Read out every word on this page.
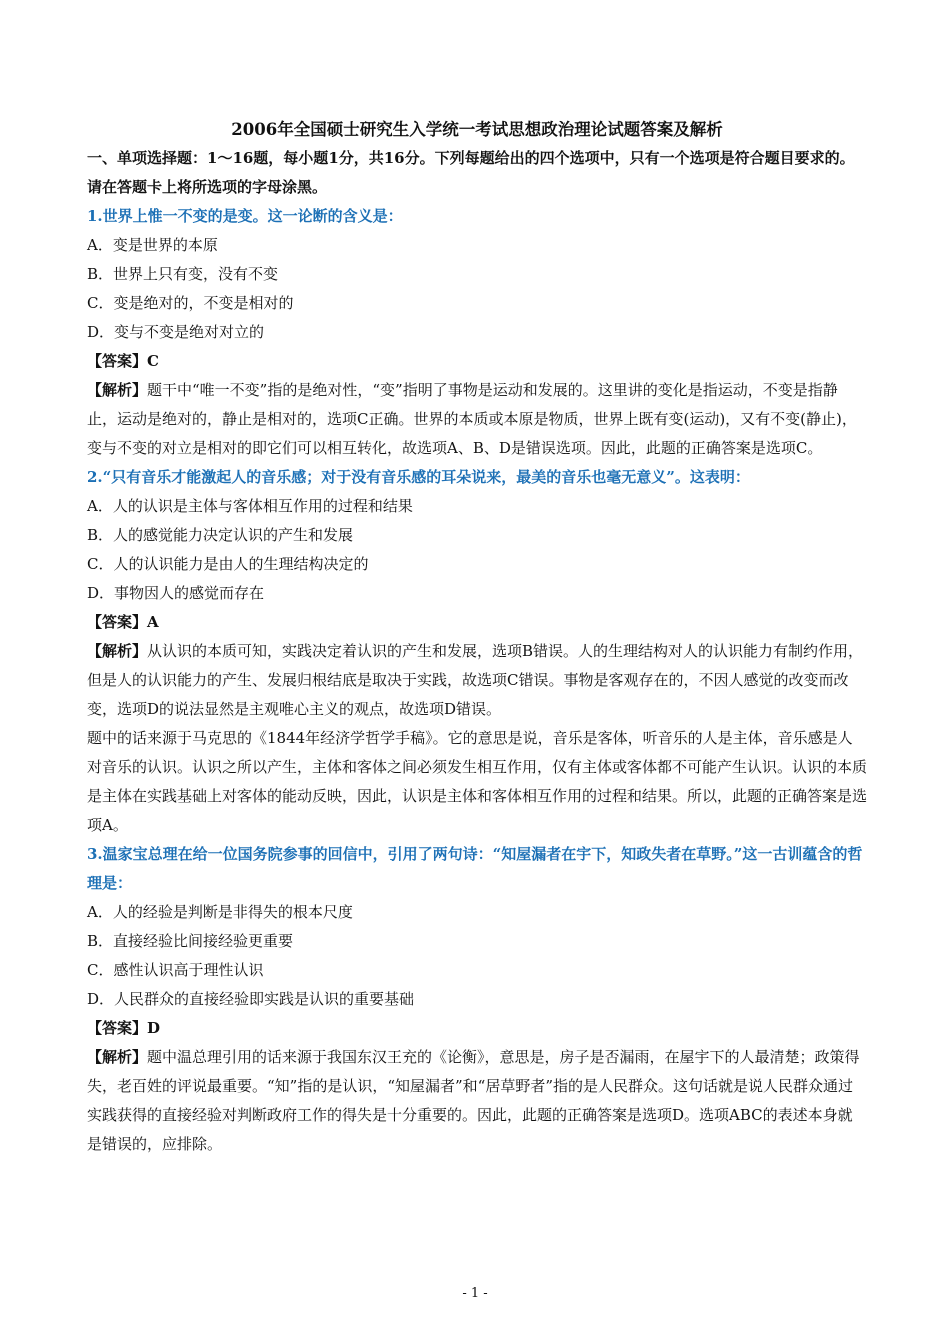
2006年全国硕士研究生入学统一考试思想政治理论试题答案及解析
一、单项选择题：1～16题，每小题1分，共16分。下列每题给出的四个选项中，只有一个选项是符合题目要求的。请在答题卡上将所选项的字母涂黑。
1.世界上惟一不变的是变。这一论断的含义是：
A．变是世界的本原
B．世界上只有变，没有不变
C．变是绝对的，不变是相对的
D．变与不变是绝对对立的
【答案】C
【解析】题干中“唯一不变”指的是绝对性，“变”指明了事物是运动和发展的。这里讲的变化是指运动，不变是指静止，运动是绝对的，静止是相对的，选项C正确。世界的本质或本原是物质，世界上既有变(运动)，又有不变(静止)，变与不变的对立是相对的即它们可以相互转化，故选项A、B、D是错误选项。因此，此题的正确答案是选项C。
2.“只有音乐才能激起人的音乐感；对于没有音乐感的耳朵说来，最美的音乐也毫无意义”。这表明：
A．人的认识是主体与客体相互作用的过程和结果
B．人的感觉能力决定认识的产生和发展
C．人的认识能力是由人的生理结构决定的
D．事物因人的感觉而存在
【答案】A
【解析】从认识的本质可知，实践决定着认识的产生和发展，选项B错误。人的生理结构对人的认识能力有制约作用，但是人的认识能力的产生、发展归根结底是取决于实践，故选项C错误。事物是客观存在的，不因人感觉的改变而改变，选项D的说法显然是主观唯心主义的观点，故选项D错误。
题中的话来源于马克思的《1844年经济学哲学手稿》。它的意思是说，音乐是客体，听音乐的人是主体，音乐感是人对音乐的认识。认识之所以产生，主体和客体之间必须发生相互作用，仅有主体或客体都不可能产生认识。认识的本质是主体在实践基础上对客体的能动反映，因此，认识是主体和客体相互作用的过程和结果。所以，此题的正确答案是选项A。
3.温家宝总理在给一位国务院参事的回信中，引用了两句诗：“知屋漏者在宇下，知政失者在草野。”这一古训蕴含的哲理是：
A．人的经验是判断是非得失的根本尺度
B．直接经验比间接经验更重要
C．感性认识高于理性认识
D．人民群众的直接经验即实践是认识的重要基础
【答案】D
【解析】题中温总理引用的话来源于我国东汉王充的《论衡》，意思是，房子是否漏雨，在屋宇下的人最清楚；政策得失，老百姓的评说最重要。“知”指的是认识，“知屋漏者”和“居草野者”指的是人民群众。这句话就是说人民群众通过实践获得的直接经验对判断政府工作的得失是十分重要的。因此，此题的正确答案是选项D。选项ABC的表述本身就是错误的，应排除。
- 1 -
